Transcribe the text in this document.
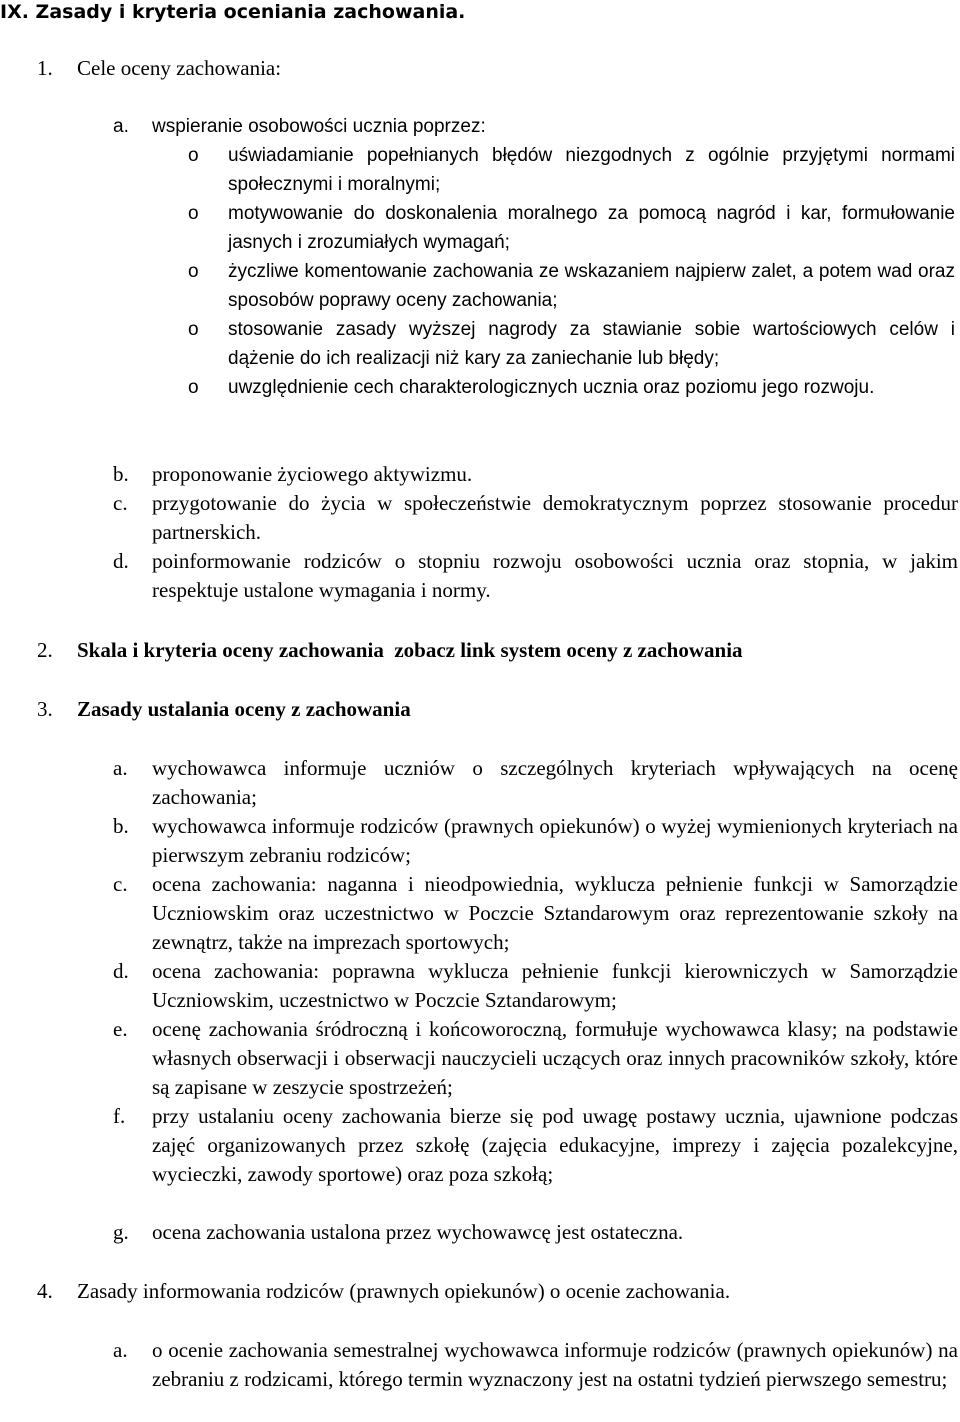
IX. Zasady i kryteria oceniania zachowania.
1. Cele oceny zachowania:
a. wspieranie osobowości ucznia poprzez:
o uświadamianie popełnianych błędów niezgodnych z ogólnie przyjętymi normami społecznymi i moralnymi;
o motywowanie do doskonalenia moralnego za pomocą nagród i kar, formułowanie jasnych i zrozumiałych wymagań;
o życzliwe komentowanie zachowania ze wskazaniem najpierw zalet, a potem wad oraz sposobów poprawy oceny zachowania;
o stosowanie zasady wyższej nagrody za stawianie sobie wartościowych celów i dążenie do ich realizacji niż kary za zaniechanie lub błędy;
o uwzględnienie cech charakterologicznych ucznia oraz poziomu jego rozwoju.
b. proponowanie życiowego aktywizmu.
c. przygotowanie do życia w społeczeństwie demokratycznym poprzez stosowanie procedur partnerskich.
d. poinformowanie rodziców o stopniu rozwoju osobowości ucznia oraz stopnia, w jakim respektuje ustalone wymagania i normy.
2. Skala i kryteria oceny zachowania zobacz link system oceny z zachowania
3. Zasady ustalania oceny z zachowania
a. wychowawca informuje uczniów o szczególnych kryteriach wpływających na ocenę zachowania;
b. wychowawca informuje rodziców (prawnych opiekunów) o wyżej wymienionych kryteriach na pierwszym zebraniu rodziców;
c. ocena zachowania: naganna i nieodpowiednia, wyklucza pełnienie funkcji w Samorządzie Uczniowskim oraz uczestnictwo w Poczcie Sztandarowym oraz reprezentowanie szkoły na zewnątrz, także na imprezach sportowych;
d. ocena zachowania: poprawna wyklucza pełnienie funkcji kierowniczych w Samorządzie Uczniowskim, uczestnictwo w Poczcie Sztandarowym;
e. ocenę zachowania śródroczną i końcoworoczną, formułuje wychowawca klasy; na podstawie własnych obserwacji i obserwacji nauczycieli uczących oraz innych pracowników szkoły, które są zapisane w zeszycie spostrzeżeń;
f. przy ustalaniu oceny zachowania bierze się pod uwagę postawy ucznia, ujawnione podczas zajęć organizowanych przez szkołę (zajęcia edukacyjne, imprezy i zajęcia pozalekcyjne, wycieczki, zawody sportowe) oraz poza szkołą;
g. ocena zachowania ustalona przez wychowawcę jest ostateczna.
4. Zasady informowania rodziców (prawnych opiekunów) o ocenie zachowania.
a. o ocenie zachowania semestralnej wychowawca informuje rodziców (prawnych opiekunów) na zebraniu z rodzicami, którego termin wyznaczony jest na ostatni tydzień pierwszego semestru;
